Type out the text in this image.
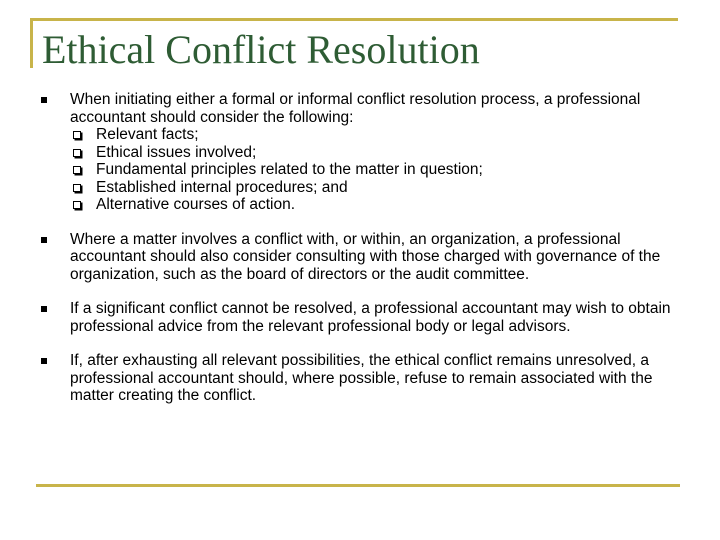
Ethical Conflict Resolution
When initiating either a formal or informal conflict resolution process, a professional accountant should consider the following:
Relevant facts;
Ethical issues involved;
Fundamental principles related to the matter in question;
Established internal procedures; and
Alternative courses of action.
Where a matter involves a conflict with, or within, an organization, a professional accountant should also consider consulting with those charged with governance of the organization, such as the board of directors or the audit committee.
If a significant conflict cannot be resolved, a professional accountant may wish to obtain professional advice from the relevant professional body or legal advisors.
If, after exhausting all relevant possibilities, the ethical conflict remains unresolved, a professional accountant should, where possible, refuse to remain associated with the matter creating the conflict.
